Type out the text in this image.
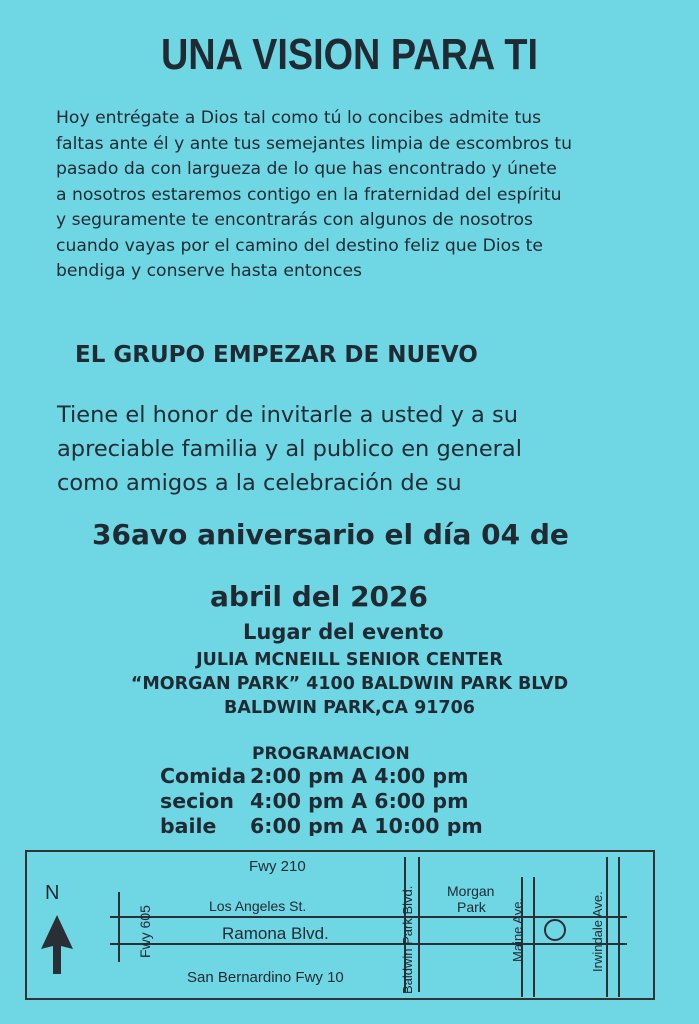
UNA VISION PARA TI
Hoy entrégate a Dios tal como tú lo concibes admite tus
faltas ante él y ante tus semejantes limpia de escombros tu
pasado da con largueza de lo que has encontrado y únete
a nosotros estaremos contigo en la fraternidad del espíritu
y seguramente te encontrarás con algunos de nosotros
cuando vayas por el camino del destino feliz que Dios te
bendiga y conserve hasta entonces
EL GRUPO EMPEZAR DE NUEVO
Tiene el honor de invitarle a usted y a su
apreciable familia y al publico en general
como amigos a la celebración de su
36avo aniversario el día 04 de
abril del 2026
Lugar del evento
JULIA MCNEILL SENIOR CENTER
“MORGAN PARK” 4100 BALDWIN PARK BLVD
BALDWIN PARK,CA 91706
PROGRAMACION
Comida 2:00 pm A 4:00 pm
secion 4:00 pm A 6:00 pm
baile 6:00 pm A 10:00 pm
N
Fwy 210
Fwy 605	Los Angeles St.
Ramona Blvd.
San Bernardino Fwy 10	Baldwin Park Blvd. Morgan
Park Maine Ave.	Irwindale Ave.
